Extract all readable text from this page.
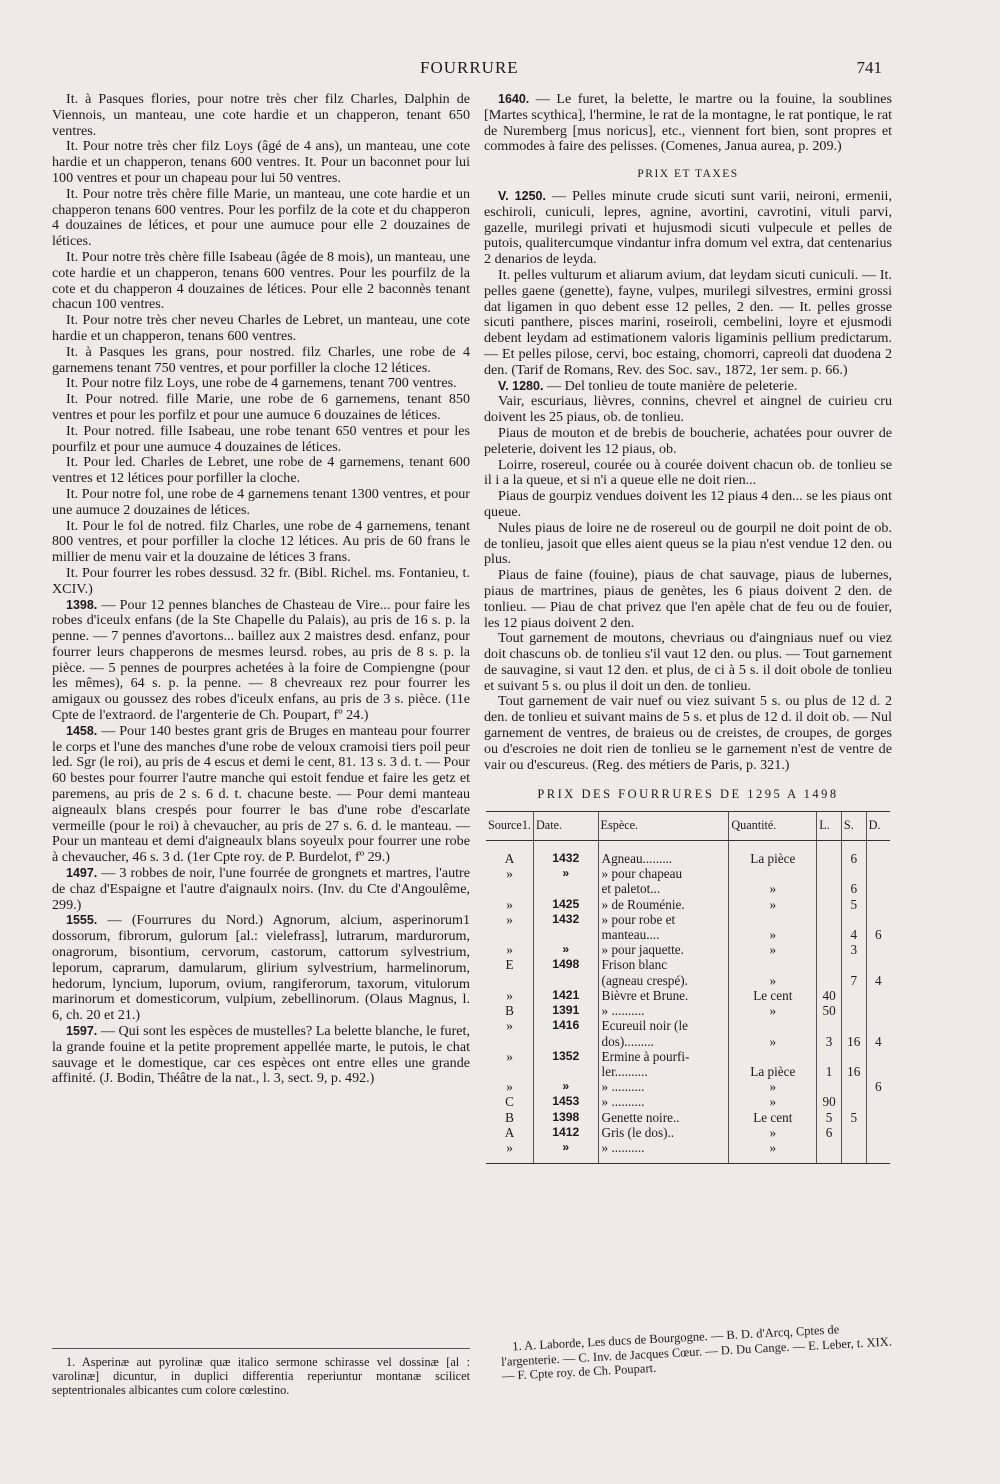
FOURRURE	741

It. à Pasques flories, pour notre très cher filz Charles, Dalphin de Viennois, un manteau, une cote hardie et un chapperon, tenant 650 ventres.

It. Pour notre très cher filz Loys (âgé de 4 ans), un manteau, une cote hardie et un chapperon, tenans 600 ventres. It. Pour un baconnet pour lui 100 ventres et pour un chapeau pour lui 50 ventres.

It. Pour notre très chère fille Marie, un manteau, une cote hardie et un chapperon tenans 600 ventres. Pour les porfilz de la cote et du chapperon 4 douzaines de létices, et pour une aumuce pour elle 2 douzaines de létices.

It. Pour notre très chère fille Isabeau (âgée de 8 mois), un manteau, une cote hardie et un chapperon, tenans 600 ventres. Pour les pourfilz de la cote et du chapperon 4 douzaines de létices. Pour elle 2 baconnès tenant chacun 100 ventres.

It. Pour notre très cher neveu Charles de Lebret, un manteau, une cote hardie et un chapperon, tenans 600 ventres.

It. à Pasques les grans, pour nostred. filz Charles, une robe de 4 garnemens tenant 750 ventres, et pour porfiller la cloche 12 létices.

It. Pour notre filz Loys, une robe de 4 garnemens, tenant 700 ventres.

It. Pour notred. fille Marie, une robe de 6 garnemens, tenant 850 ventres et pour les porfilz et pour une aumuce 6 douzaines de létices.

It. Pour notred. fille Isabeau, une robe tenant 650 ventres et pour les pourfilz et pour une aumuce 4 douzaines de létices.

It. Pour led. Charles de Lebret, une robe de 4 garnemens, tenant 600 ventres et 12 létices pour porfiller la cloche.

It. Pour notre fol, une robe de 4 garnemens tenant 1300 ventres, et pour une aumuce 2 douzaines de létices.

It. Pour le fol de notred. filz Charles, une robe de 4 garnemens, tenant 800 ventres, et pour porfiller la cloche 12 létices. Au pris de 60 frans le millier de menu vair et la douzaine de létices 3 frans.

It. Pour fourrer les robes dessusd. 32 fr. (Bibl. Richel. ms. Fontanieu, t. XCIV.)

1398. — Pour 12 pennes blanches de Chasteau de Vire... pour faire les robes d'iceulx enfans (de la Ste Chapelle du Palais), au pris de 16 s. p. la penne. — 7 pennes d'avortons... baillez aux 2 maistres desd. enfanz, pour fourrer leurs chapperons de mesmes leursd. robes, au pris de 8 s. p. la pièce. — 5 pennes de pourpres achetées à la foire de Compiengne (pour les mêmes), 64 s. p. la penne. — 8 chevreaux rez pour fourrer les amigaux ou goussez des robes d'iceulx enfans, au pris de 3 s. pièce. (11e Cpte de l'extraord. de l'argenterie de Ch. Poupart, fº 24.)

1458. — Pour 140 bestes grant gris de Bruges en manteau pour fourrer le corps et l'une des manches d'une robe de veloux cramoisi tiers poil peur led. Sgr (le roi), au pris de 4 escus et demi le cent, 81. 13 s. 3 d. t. — Pour 60 bestes pour fourrer l'autre manche qui estoit fendue et faire les getz et paremens, au pris de 2 s. 6 d. t. chacune beste. — Pour demi manteau aigneaulx blans crespés pour fourrer le bas d'une robe d'escarlate vermeille (pour le roi) à chevaucher, au pris de 27 s. 6. d. le manteau. — Pour un manteau et demi d'aigneaulx blans soyeulx pour fourrer une robe à chevaucher, 46 s. 3 d. (1er Cpte roy. de P. Burdelot, fº 29.)

1497. — 3 robbes de noir, l'une fourrée de grongnets et martres, l'autre de chaz d'Espaigne et l'autre d'aignaulx noirs. (Inv. du Cte d'Angoulême, 299.)

1555. — (Fourrures du Nord.) Agnorum, alcium, asperinorum1 dossorum, fibrorum, gulorum [al.: vielefrass], lutrarum, mardurorum, onagrorum, bisontium, cervorum, castorum, cattorum sylvestrium, leporum, caprarum, damularum, glirium sylvestrium, harmelinorum, hedorum, lyncium, luporum, ovium, rangiferorum, taxorum, vitulorum marinorum et domesticorum, vulpium, zebellinorum. (Olaus Magnus, l. 6, ch. 20 et 21.)

1597. — Qui sont les espèces de mustelles? La belette blanche, le furet, la grande fouine et la petite proprement appellée marte, le putois, le chat sauvage et le domestique, car ces espèces ont entre elles une grande affinité. (J. Bodin, Théâtre de la nat., l. 3, sect. 9, p. 492.)

1. Asperinæ aut pyrolinæ quæ italico sermone schirasse vel dossinæ [al : varolinæ] dicuntur, in duplici differentia reperiuntur montanæ scilicet septentrionales albicantes cum colore cœlestino.

1640. — Le furet, la belette, le martre ou la fouine, la soublines [Martes scythica], l'hermine, le rat de la montagne, le rat pontique, le rat de Nuremberg [mus noricus], etc., viennent fort bien, sont propres et commodes à faire des pelisses. (Comenes, Janua aurea, p. 209.)

PRIX ET TAXES

V. 1250. — Pelles minute crude sicuti sunt varii, neironi, ermenii, eschiroli, cuniculi, lepres, agnine, avortini, cavrotini, vituli parvi, gazelle, murilegi privati et hujusmodi sicuti vulpecule et pelles de putois, qualitercumque vindantur infra domum vel extra, dat centenarius 2 denarios de leyda.

It. pelles vulturum et aliarum avium, dat leydam sicuti cuniculi. — It. pelles gaene (genette), fayne, vulpes, murilegi silvestres, ermini grossi dat ligamen in quo debent esse 12 pelles, 2 den. — It. pelles grosse sicuti panthere, pisces marini, roseiroli, cembelini, loyre et ejusmodi debent leydam ad estimationem valoris ligaminis pellium predictarum. — Et pelles pilose, cervi, boc estaing, chomorri, capreoli dat duodena 2 den. (Tarif de Romans, Rev. des Soc. sav., 1872, 1er sem. p. 66.)

V. 1280. — Del tonlieu de toute manière de peleterie.

Vair, escuriaus, lièvres, connins, chevrel et aingnel de cuirieu cru doivent les 25 piaus, ob. de tonlieu.

Piaus de mouton et de brebis de boucherie, achatées pour ouvrer de peleterie, doivent les 12 piaus, ob.

Loirre, rosereul, courée ou à courée doivent chacun ob. de tonlieu se il i a la queue, et si n'i a queue elle ne doit rien...

Piaus de gourpiz vendues doivent les 12 piaus 4 den... se les piaus ont queue.

Nules piaus de loire ne de rosereul ou de gourpil ne doit point de ob. de tonlieu, jasoit que elles aient queus se la piau n'est vendue 12 den. ou plus.

Piaus de faine (fouine), piaus de chat sauvage, piaus de lubernes, piaus de martrines, piaus de genètes, les 6 piaus doivent 2 den. de tonlieu. — Piau de chat privez que l'en apèle chat de feu ou de fouier, les 12 piaus doivent 2 den.

Tout garnement de moutons, chevriaus ou d'aingniaus nuef ou viez doit chascuns ob. de tonlieu s'il vaut 12 den. ou plus. — Tout garnement de sauvagine, si vaut 12 den. et plus, de ci à 5 s. il doit obole de tonlieu et suivant 5 s. ou plus il doit un den. de tonlieu.

Tout garnement de vair nuef ou viez suivant 5 s. ou plus de 12 d. 2 den. de tonlieu et suivant mains de 5 s. et plus de 12 d. il doit ob. — Nul garnement de ventres, de braieus ou de creistes, de croupes, de gorges ou d'escroies ne doit rien de tonlieu se le garnement n'est de ventre de vair ou d'escureus. (Reg. des métiers de Paris, p. 321.)

PRIX DES FOURRURES DE 1295 A 1498
Source1.	Date.	Espèce.	Quantité.	L.	S.	D.
A	1432	Agneau.........	La pièce		6	
»	»	» pour chapeau				
		et paletot...	»		6	
»	1425	» de Rouménie.	»		5	
»	1432	» pour robe et				
		manteau....	»		4	6
»	»	» pour jaquette.	»		3	
E	1498	Frison blanc				
		(agneau crespé).	»		7	4
»	1421	Bièvre et Brune.	Le cent	40		
B	1391	» ..........	»	50		
»	1416	Ecureuil noir (le				
		dos).........	»	3	16	4
»	1352	Ermine à pourfi-				
		ler..........	La pièce	1	16	
»	»	» ..........	»			6
C	1453	» ..........	»	90		
B	1398	Genette noire..	Le cent	5	5	
A	1412	Gris (le dos)..	»	6		
»	»	» ..........	»			

1. A. Laborde, Les ducs de Bourgogne. — B. D. d'Arcq, Cptes de l'argenterie. — C. Inv. de Jacques Cœur. — D. Du Cange. — E. Leber, t. XIX. — F. Cpte roy. de Ch. Poupart.
